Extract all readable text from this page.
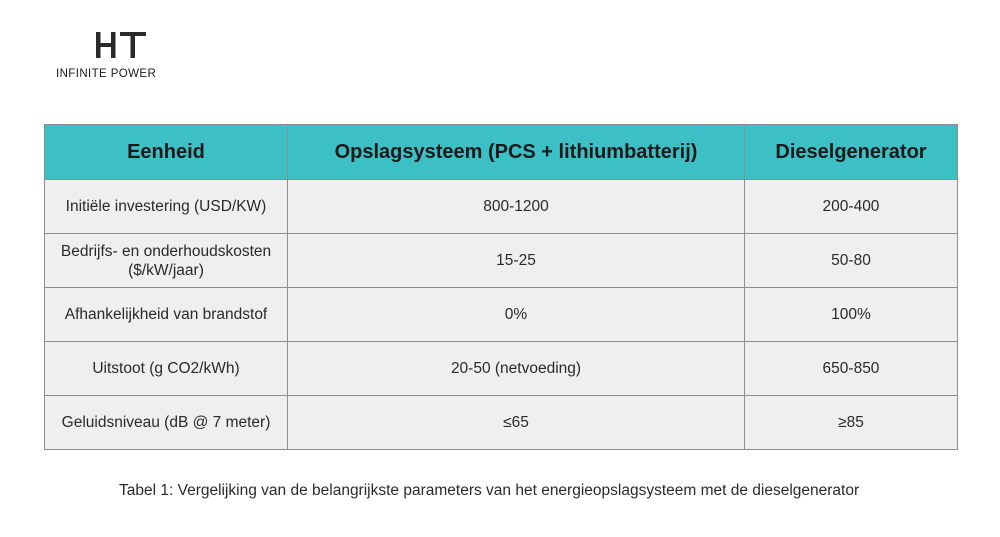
INFINITE POWER
Eenheid	Opslagsysteem (PCS + lithiumbatterij)	Dieselgenerator
Initiële investering (USD/KW)	800-1200	200-400
Bedrijfs- en onderhoudskosten ($/kW/jaar)	15-25	50-80
Afhankelijkheid van brandstof	0%	100%
Uitstoot (g CO2/kWh)	20-50 (netvoeding)	650-850
Geluidsniveau (dB @ 7 meter)	≤65	≥85
Tabel 1: Vergelijking van de belangrijkste parameters van het energieopslagsysteem met de dieselgenerator
